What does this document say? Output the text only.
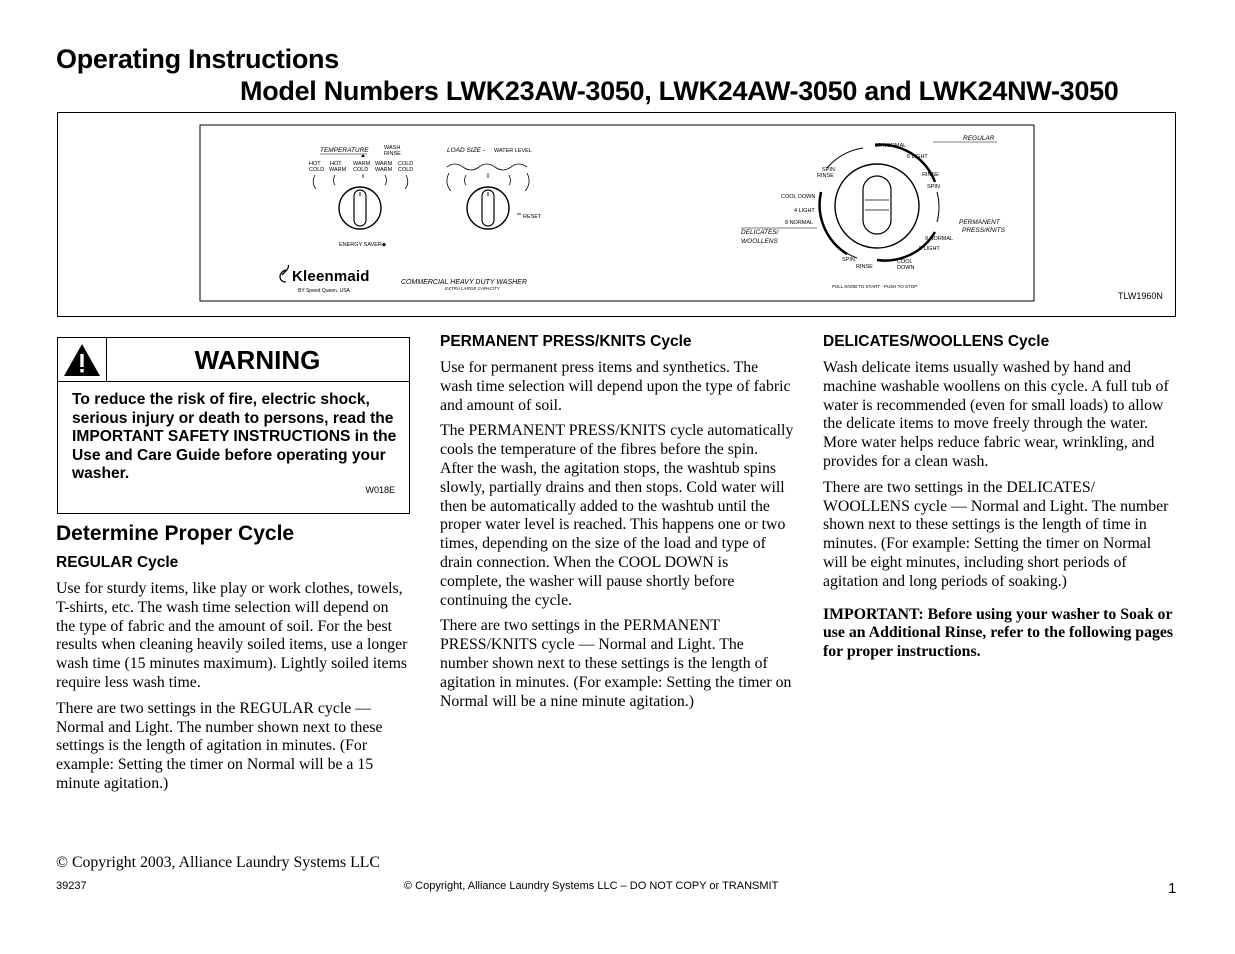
Operating Instructions
Model Numbers LWK23AW-3050, LWK24AW-3050 and LWK24NW-3050
TEMPERATURE	WASH
RINSE
HOT
COLD
HOT
WARM
WARM
COLD
WARM
WARM
COLD
COLD
ENERGY SAVER◆
LOAD SIZE - WATER LEVEL
RESET
Kleenmaid
BY Speed Queen, USA
COMMERCIAL HEAVY DUTY WASHER
EXTRA LARGE CAPACITY
REGULAR
PERMANENT
PRESS/KNITS
DELICATES/
WOOLLENS
15 NORMAL
6 LIGHT
RINSE
SPIN
9 NORMAL
5 LIGHT
COOL
DOWN
RINSE
SPIN
8 NORMAL
4 LIGHT
COOL DOWN
SPIN
RINSE
PULL KNOB TO START - PUSH TO STOP
TLW1960N
WARNING
To reduce the risk of fire, electric shock, serious injury or death to persons, read the IMPORTANT SAFETY INSTRUCTIONS in the Use and Care Guide before operating your washer.
W018E
Determine Proper Cycle
REGULAR Cycle

Use for sturdy items, like play or work clothes, towels, T-shirts, etc. The wash time selection will depend on the type of fabric and the amount of soil. For the best results when cleaning heavily soiled items, use a longer wash time (15 minutes maximum). Lightly soiled items require less wash time.

There are two settings in the REGULAR cycle — Normal and Light. The number shown next to these settings is the length of agitation in minutes. (For example: Setting the timer on Normal will be a 15 minute agitation.)

PERMANENT PRESS/KNITS Cycle

Use for permanent press items and synthetics. The wash time selection will depend upon the type of fabric and amount of soil.

The PERMANENT PRESS/KNITS cycle automatically cools the temperature of the fibres before the spin. After the wash, the agitation stops, the washtub spins slowly, partially drains and then stops. Cold water will then be automatically added to the washtub until the proper water level is reached. This happens one or two times, depending on the size of the load and type of drain connection. When the COOL DOWN is complete, the washer will pause shortly before continuing the cycle.

There are two settings in the PERMANENT PRESS/KNITS cycle — Normal and Light. The number shown next to these settings is the length of agitation in minutes. (For example: Setting the timer on Normal will be a nine minute agitation.)

DELICATES/WOOLLENS Cycle

Wash delicate items usually washed by hand and machine washable woollens on this cycle. A full tub of water is recommended (even for small loads) to allow the delicate items to move freely through the water. More water helps reduce fabric wear, wrinkling, and provides for a clean wash.

There are two settings in the DELICATES/ WOOLLENS cycle — Normal and Light. The number shown next to these settings is the length of time in minutes. (For example: Setting the timer on Normal will be eight minutes, including short periods of agitation and long periods of soaking.)

IMPORTANT: Before using your washer to Soak or use an Additional Rinse, refer to the following pages for proper instructions.

© Copyright 2003, Alliance Laundry Systems LLC
39237	© Copyright, Alliance Laundry Systems LLC – DO NOT COPY or TRANSMIT	1
